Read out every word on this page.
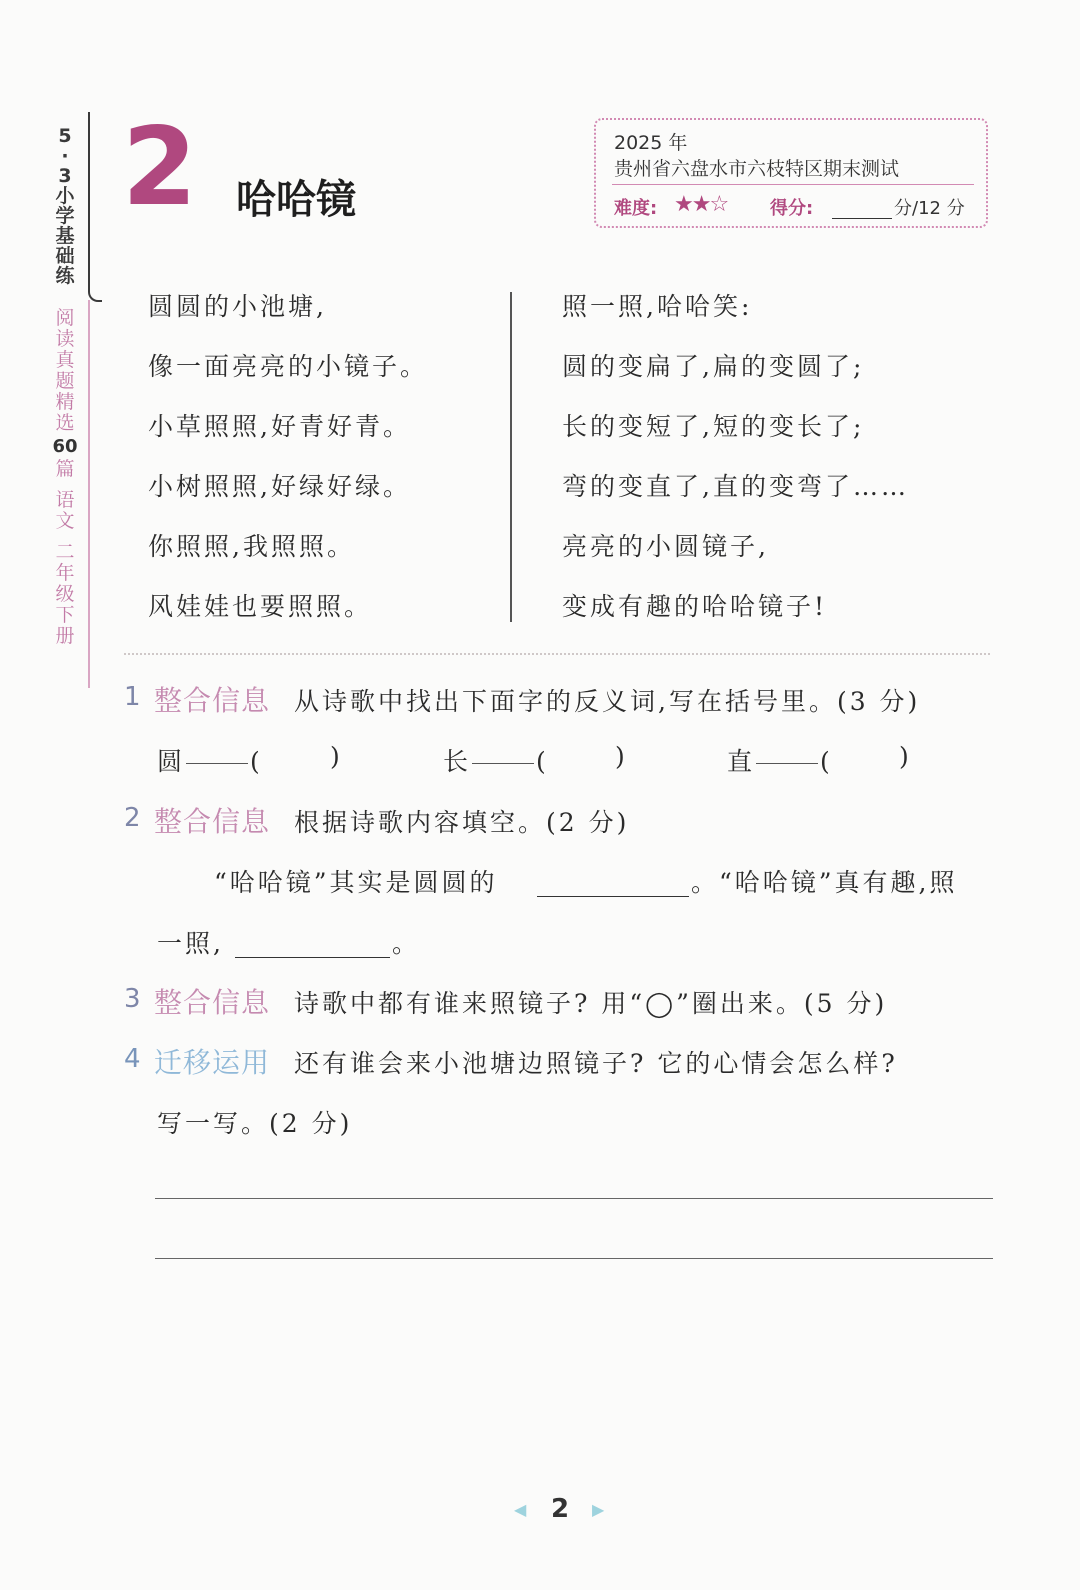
5
·
3
小
学
基
础
练
阅
读
真
题
精
选
60
篇
语
文
二
年
级
下
册
2 哈哈镜
2025 年
贵州省六盘水市六枝特区期末测试
难度: ★★☆ 得分:	分/12 分
圆圆的小池塘,
像一面亮亮的小镜子。
小草照照,好青好青。
小树照照,好绿好绿。
你照照,我照照。
风娃娃也要照照。
照一照,哈哈笑:
圆的变扁了,扁的变圆了;
长的变短了,短的变长了;
弯的变直了,直的变弯了……
亮亮的小圆镜子,
变成有趣的哈哈镜子!
1 整合信息 从诗歌中找出下面字的反义词,写在括号里。(3 分)
圆	(	)	长	(	)	直	(	)
2 整合信息 根据诗歌内容填空。(2 分)
“哈哈镜”其实是圆圆的	。“哈哈镜”真有趣,照
一照,	。
3 整合信息 诗歌中都有谁来照镜子? 用“◯”圈出来。(5 分)
4 迁移运用 还有谁会来小池塘边照镜子? 它的心情会怎么样?
写一写。(2 分)
◀ 2	▶
